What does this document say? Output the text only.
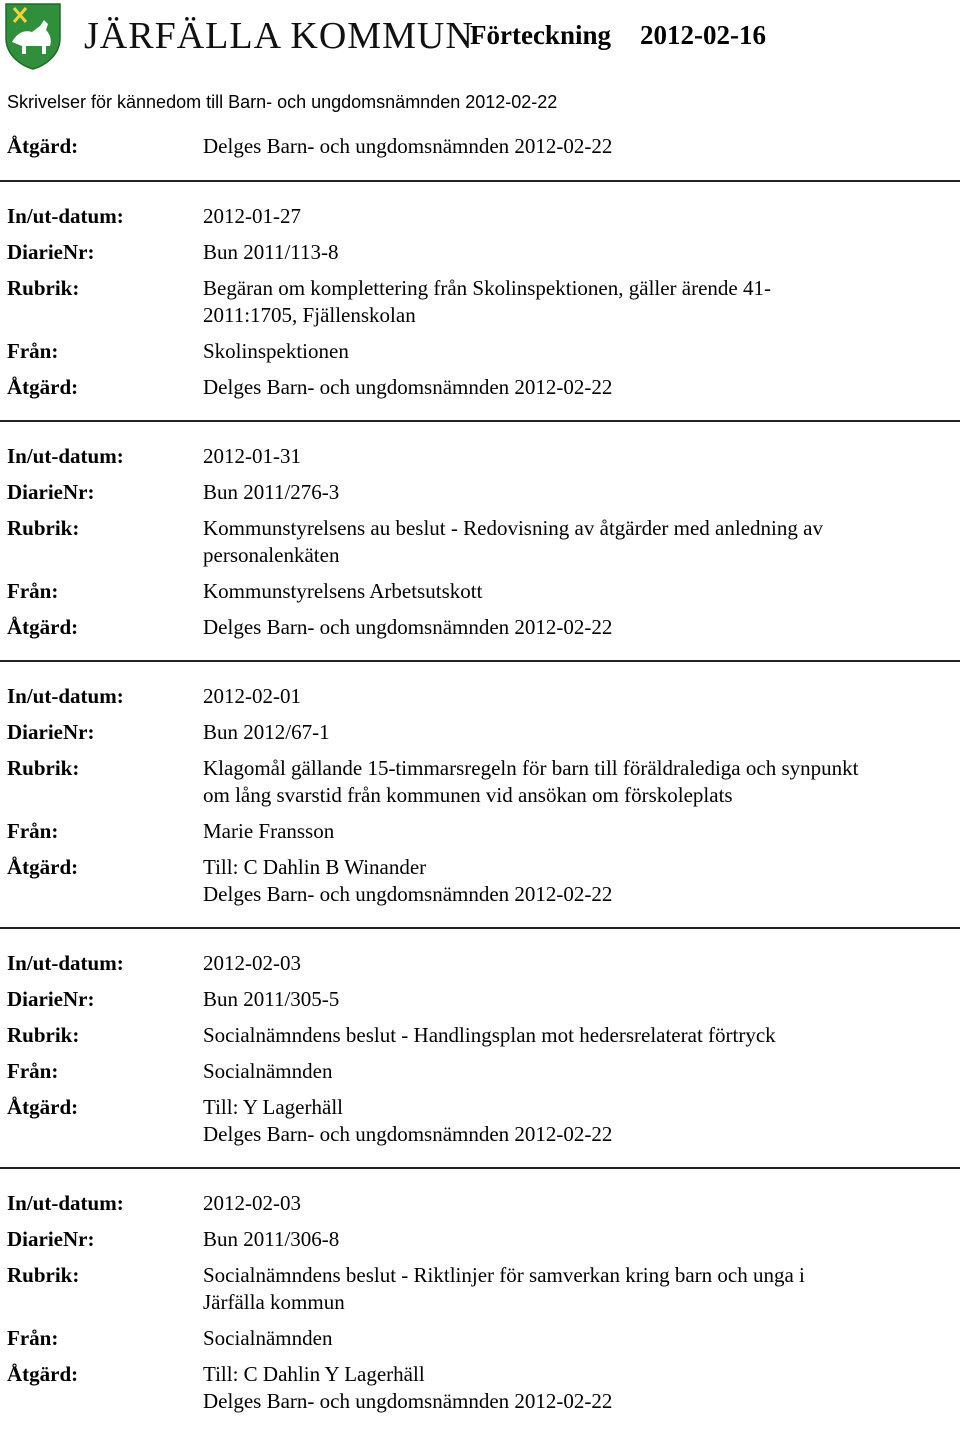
JÄRFÄLLA KOMMUN
Förteckning 2012-02-16
Skrivelser för kännedom till Barn- och ungdomsnämnden 2012-02-22
Åtgärd:	Delges Barn- och ungdomsnämnden 2012-02-22
In/ut-datum:	2012-01-27
DiarieNr:	Bun 2011/113-8
Rubrik:	Begäran om komplettering från Skolinspektionen, gäller ärende 41-
2011:1705, Fjällenskolan
Från:	Skolinspektionen
Åtgärd:	Delges Barn- och ungdomsnämnden 2012-02-22
In/ut-datum:	2012-01-31
DiarieNr:	Bun 2011/276-3
Rubrik:	Kommunstyrelsens au beslut - Redovisning av åtgärder med anledning av
personalenkäten
Från:	Kommunstyrelsens Arbetsutskott
Åtgärd:	Delges Barn- och ungdomsnämnden 2012-02-22
In/ut-datum:	2012-02-01
DiarieNr:	Bun 2012/67-1
Rubrik:	Klagomål gällande 15-timmarsregeln för barn till föräldralediga och synpunkt
om lång svarstid från kommunen vid ansökan om förskoleplats
Från:	Marie Fransson
Åtgärd:	Till: C Dahlin B Winander
Delges Barn- och ungdomsnämnden 2012-02-22
In/ut-datum:	2012-02-03
DiarieNr:	Bun 2011/305-5
Rubrik:	Socialnämndens beslut - Handlingsplan mot hedersrelaterat förtryck
Från:	Socialnämnden
Åtgärd:	Till: Y Lagerhäll
Delges Barn- och ungdomsnämnden 2012-02-22
In/ut-datum:	2012-02-03
DiarieNr:	Bun 2011/306-8
Rubrik:	Socialnämndens beslut - Riktlinjer för samverkan kring barn och unga i
Järfälla kommun
Från:	Socialnämnden
Åtgärd:	Till: C Dahlin Y Lagerhäll
Delges Barn- och ungdomsnämnden 2012-02-22
